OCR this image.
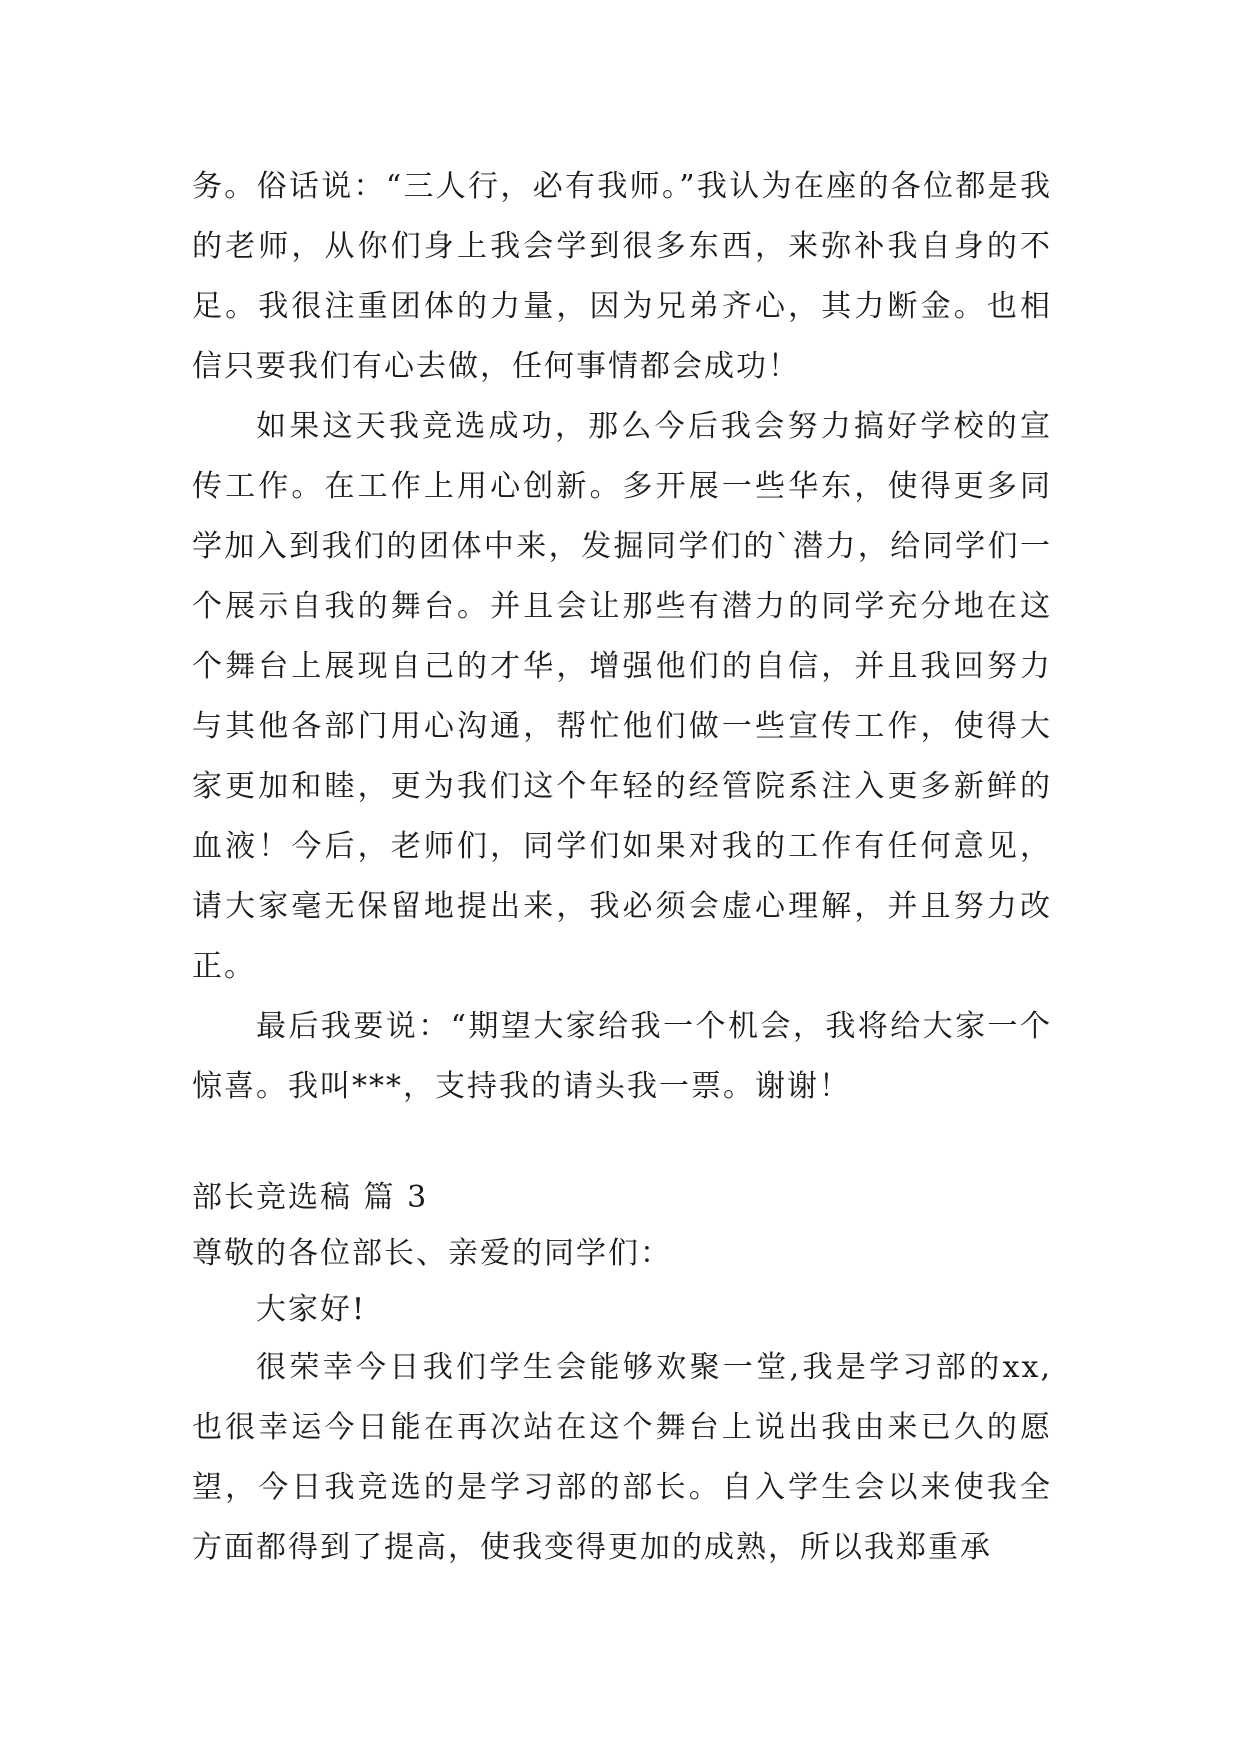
务。俗话说：“三人行，必有我师。”我认为在座的各位都是我的老师，从你们身上我会学到很多东西，来弥补我自身的不足。我很注重团体的力量，因为兄弟齐心，其力断金。也相信只要我们有心去做，任何事情都会成功！

如果这天我竞选成功，那么今后我会努力搞好学校的宣传工作。在工作上用心创新。多开展一些华东，使得更多同学加入到我们的团体中来，发掘同学们的`潜力，给同学们一个展示自我的舞台。并且会让那些有潜力的同学充分地在这个舞台上展现自己的才华，增强他们的自信，并且我回努力与其他各部门用心沟通，帮忙他们做一些宣传工作，使得大家更加和睦，更为我们这个年轻的经管院系注入更多新鲜的血液！今后，老师们，同学们如果对我的工作有任何意见，请大家毫无保留地提出来，我必须会虚心理解，并且努力改正。

最后我要说：“期望大家给我一个机会，我将给大家一个惊喜。我叫***，支持我的请头我一票。谢谢！

部长竞选稿 篇 3

尊敬的各位部长、亲爱的同学们：

大家好!

很荣幸今日我们学生会能够欢聚一堂,我是学习部的xx,也很幸运今日能在再次站在这个舞台上说出我由来已久的愿望，今日我竞选的是学习部的部长。自入学生会以来使我全方面都得到了提高，使我变得更加的成熟，所以我郑重承
